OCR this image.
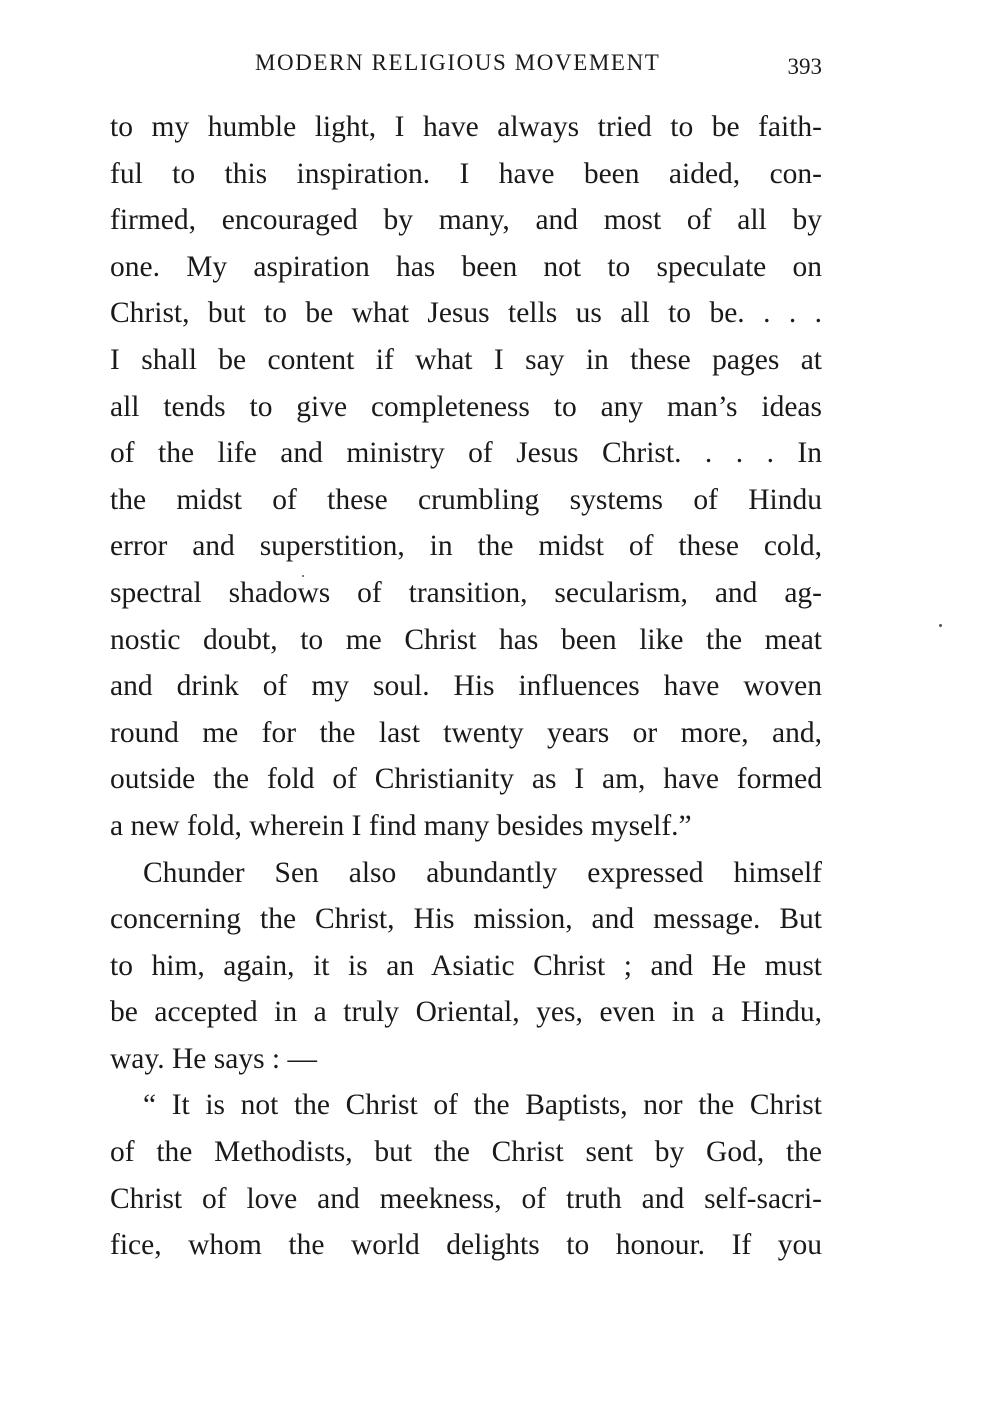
MODERN RELIGIOUS MOVEMENT	393
to my humble light, I have always tried to be faith-
ful to this inspiration. I have been aided, con-
firmed, encouraged by many, and most of all by
one. My aspiration has been not to speculate on
Christ, but to be what Jesus tells us all to be. . . .
I shall be content if what I say in these pages at
all tends to give completeness to any man’s ideas
of the life and ministry of Jesus Christ. . . . In
the midst of these crumbling systems of Hindu
error and superstition, in the midst of these cold,
spectral shadows of transition, secularism, and ag-
nostic doubt, to me Christ has been like the meat
and drink of my soul. His influences have woven
round me for the last twenty years or more, and,
outside the fold of Christianity as I am, have formed
a new fold, wherein I find many besides myself.”
Chunder Sen also abundantly expressed himself
concerning the Christ, His mission, and message. But
to him, again, it is an Asiatic Christ ; and He must
be accepted in a truly Oriental, yes, even in a Hindu,
way. He says : —
“ It is not the Christ of the Baptists, nor the Christ
of the Methodists, but the Christ sent by God, the
Christ of love and meekness, of truth and self-sacri-
fice, whom the world delights to honour. If you
